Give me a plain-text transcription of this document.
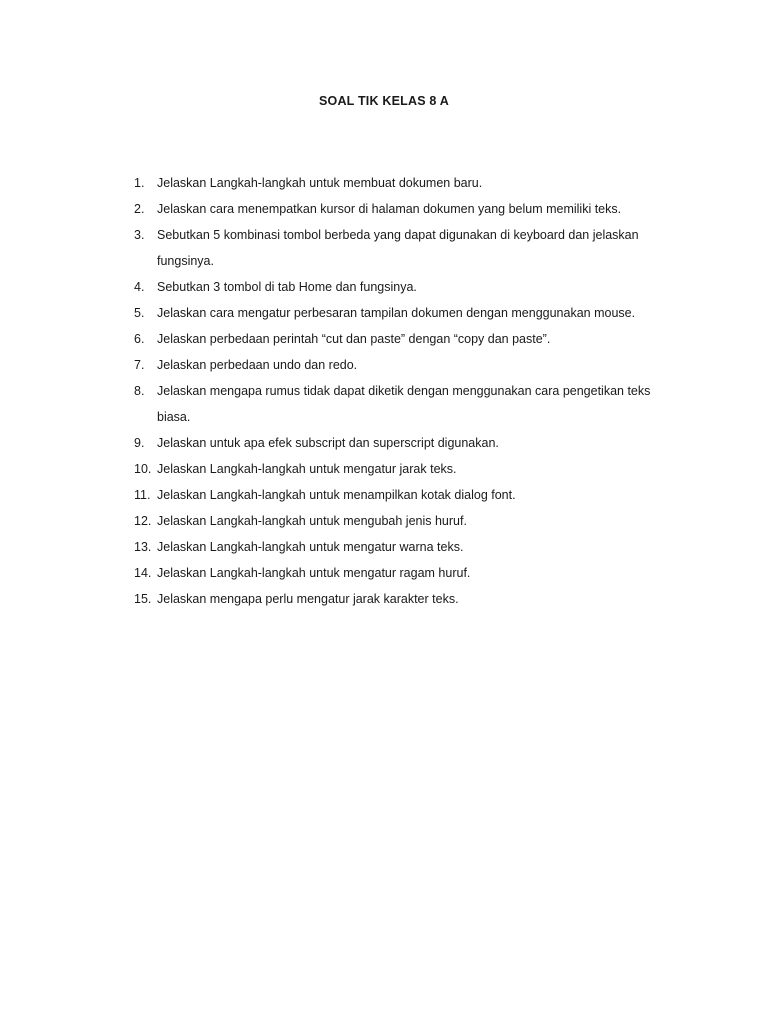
SOAL TIK KELAS 8 A
1.	Jelaskan Langkah-langkah untuk membuat dokumen baru.
2.	Jelaskan cara menempatkan kursor di halaman dokumen yang belum memiliki teks.
3.	Sebutkan 5 kombinasi tombol berbeda yang dapat digunakan di keyboard dan jelaskan fungsinya.
4.	Sebutkan 3 tombol di tab Home dan fungsinya.
5.	Jelaskan cara mengatur perbesaran tampilan dokumen dengan menggunakan mouse.
6.	Jelaskan perbedaan perintah “cut dan paste” dengan “copy dan paste”.
7.	Jelaskan perbedaan undo dan redo.
8.	Jelaskan mengapa rumus tidak dapat diketik dengan menggunakan cara pengetikan teks biasa.
9.	Jelaskan untuk apa efek subscript dan superscript digunakan.
10. Jelaskan Langkah-langkah untuk mengatur jarak teks.
11. Jelaskan Langkah-langkah untuk menampilkan kotak dialog font.
12. Jelaskan Langkah-langkah untuk mengubah jenis huruf.
13. Jelaskan Langkah-langkah untuk mengatur warna teks.
14. Jelaskan Langkah-langkah untuk mengatur ragam huruf.
15. Jelaskan mengapa perlu mengatur jarak karakter teks.
